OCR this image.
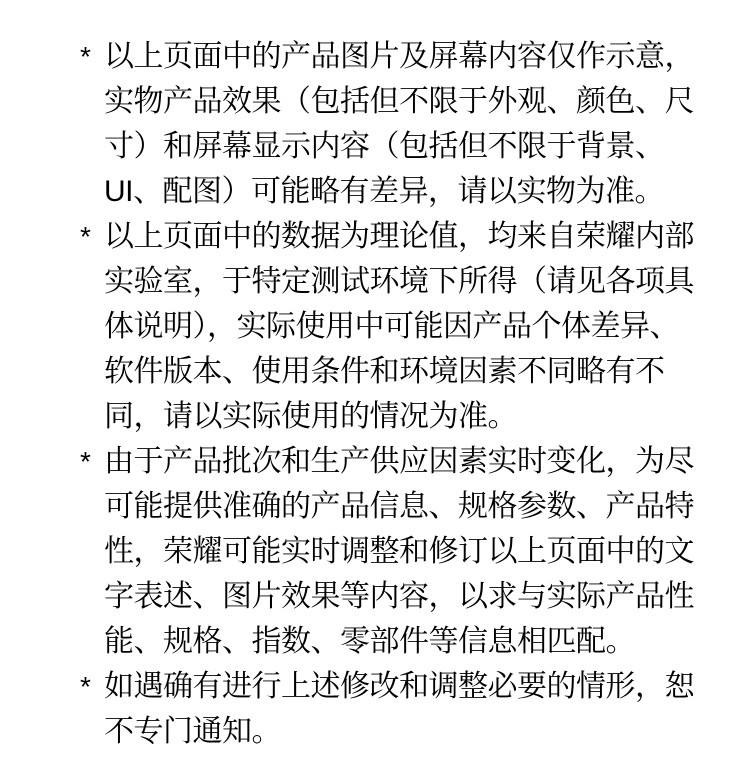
* 以上页面中的产品图片及屏幕内容仅作示意，
实物产品效果（包括但不限于外观、颜色、尺
寸）和屏幕显示内容（包括但不限于背景、
UI、配图）可能略有差异，请以实物为准。
* 以上页面中的数据为理论值，均来自荣耀内部
实验室，于特定测试环境下所得（请见各项具
体说明），实际使用中可能因产品个体差异、
软件版本、使用条件和环境因素不同略有不
同，请以实际使用的情况为准。
* 由于产品批次和生产供应因素实时变化，为尽
可能提供准确的产品信息、规格参数、产品特
性，荣耀可能实时调整和修订以上页面中的文
字表述、图片效果等内容，以求与实际产品性
能、规格、指数、零部件等信息相匹配。
* 如遇确有进行上述修改和调整必要的情形，恕
不专门通知。
